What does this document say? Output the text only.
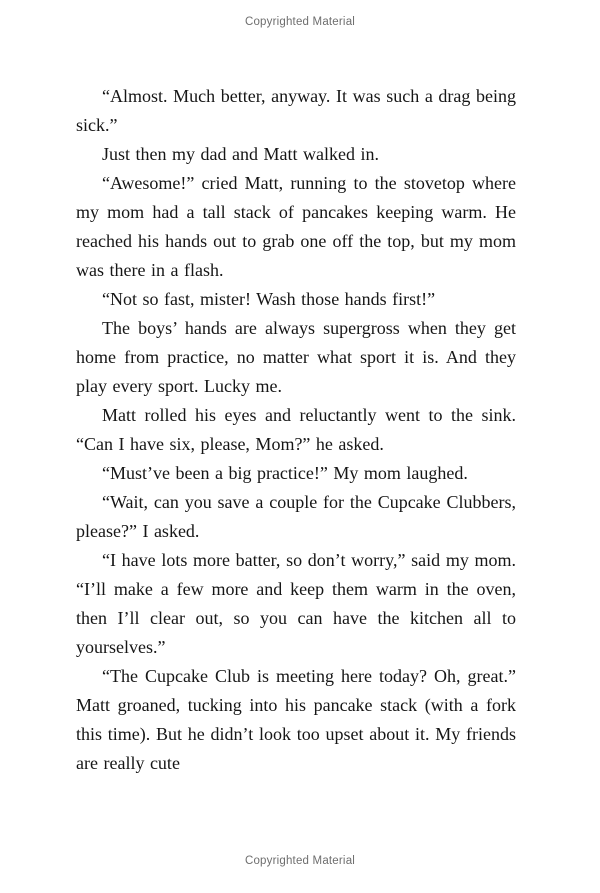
Copyrighted Material

“Almost. Much better, anyway. It was such a drag being sick.”

Just then my dad and Matt walked in.

“Awesome!” cried Matt, running to the stovetop where my mom had a tall stack of pancakes keeping warm. He reached his hands out to grab one off the top, but my mom was there in a flash.

“Not so fast, mister! Wash those hands first!”

The boys’ hands are always supergross when they get home from practice, no matter what sport it is. And they play every sport. Lucky me.

Matt rolled his eyes and reluctantly went to the sink. “Can I have six, please, Mom?” he asked.

“Must’ve been a big practice!” My mom laughed.

“Wait, can you save a couple for the Cupcake Clubbers, please?” I asked.

“I have lots more batter, so don’t worry,” said my mom. “I’ll make a few more and keep them warm in the oven, then I’ll clear out, so you can have the kitchen all to yourselves.”

“The Cupcake Club is meeting here today? Oh, great.” Matt groaned, tucking into his pancake stack (with a fork this time). But he didn’t look too upset about it. My friends are really cute

Copyrighted Material
